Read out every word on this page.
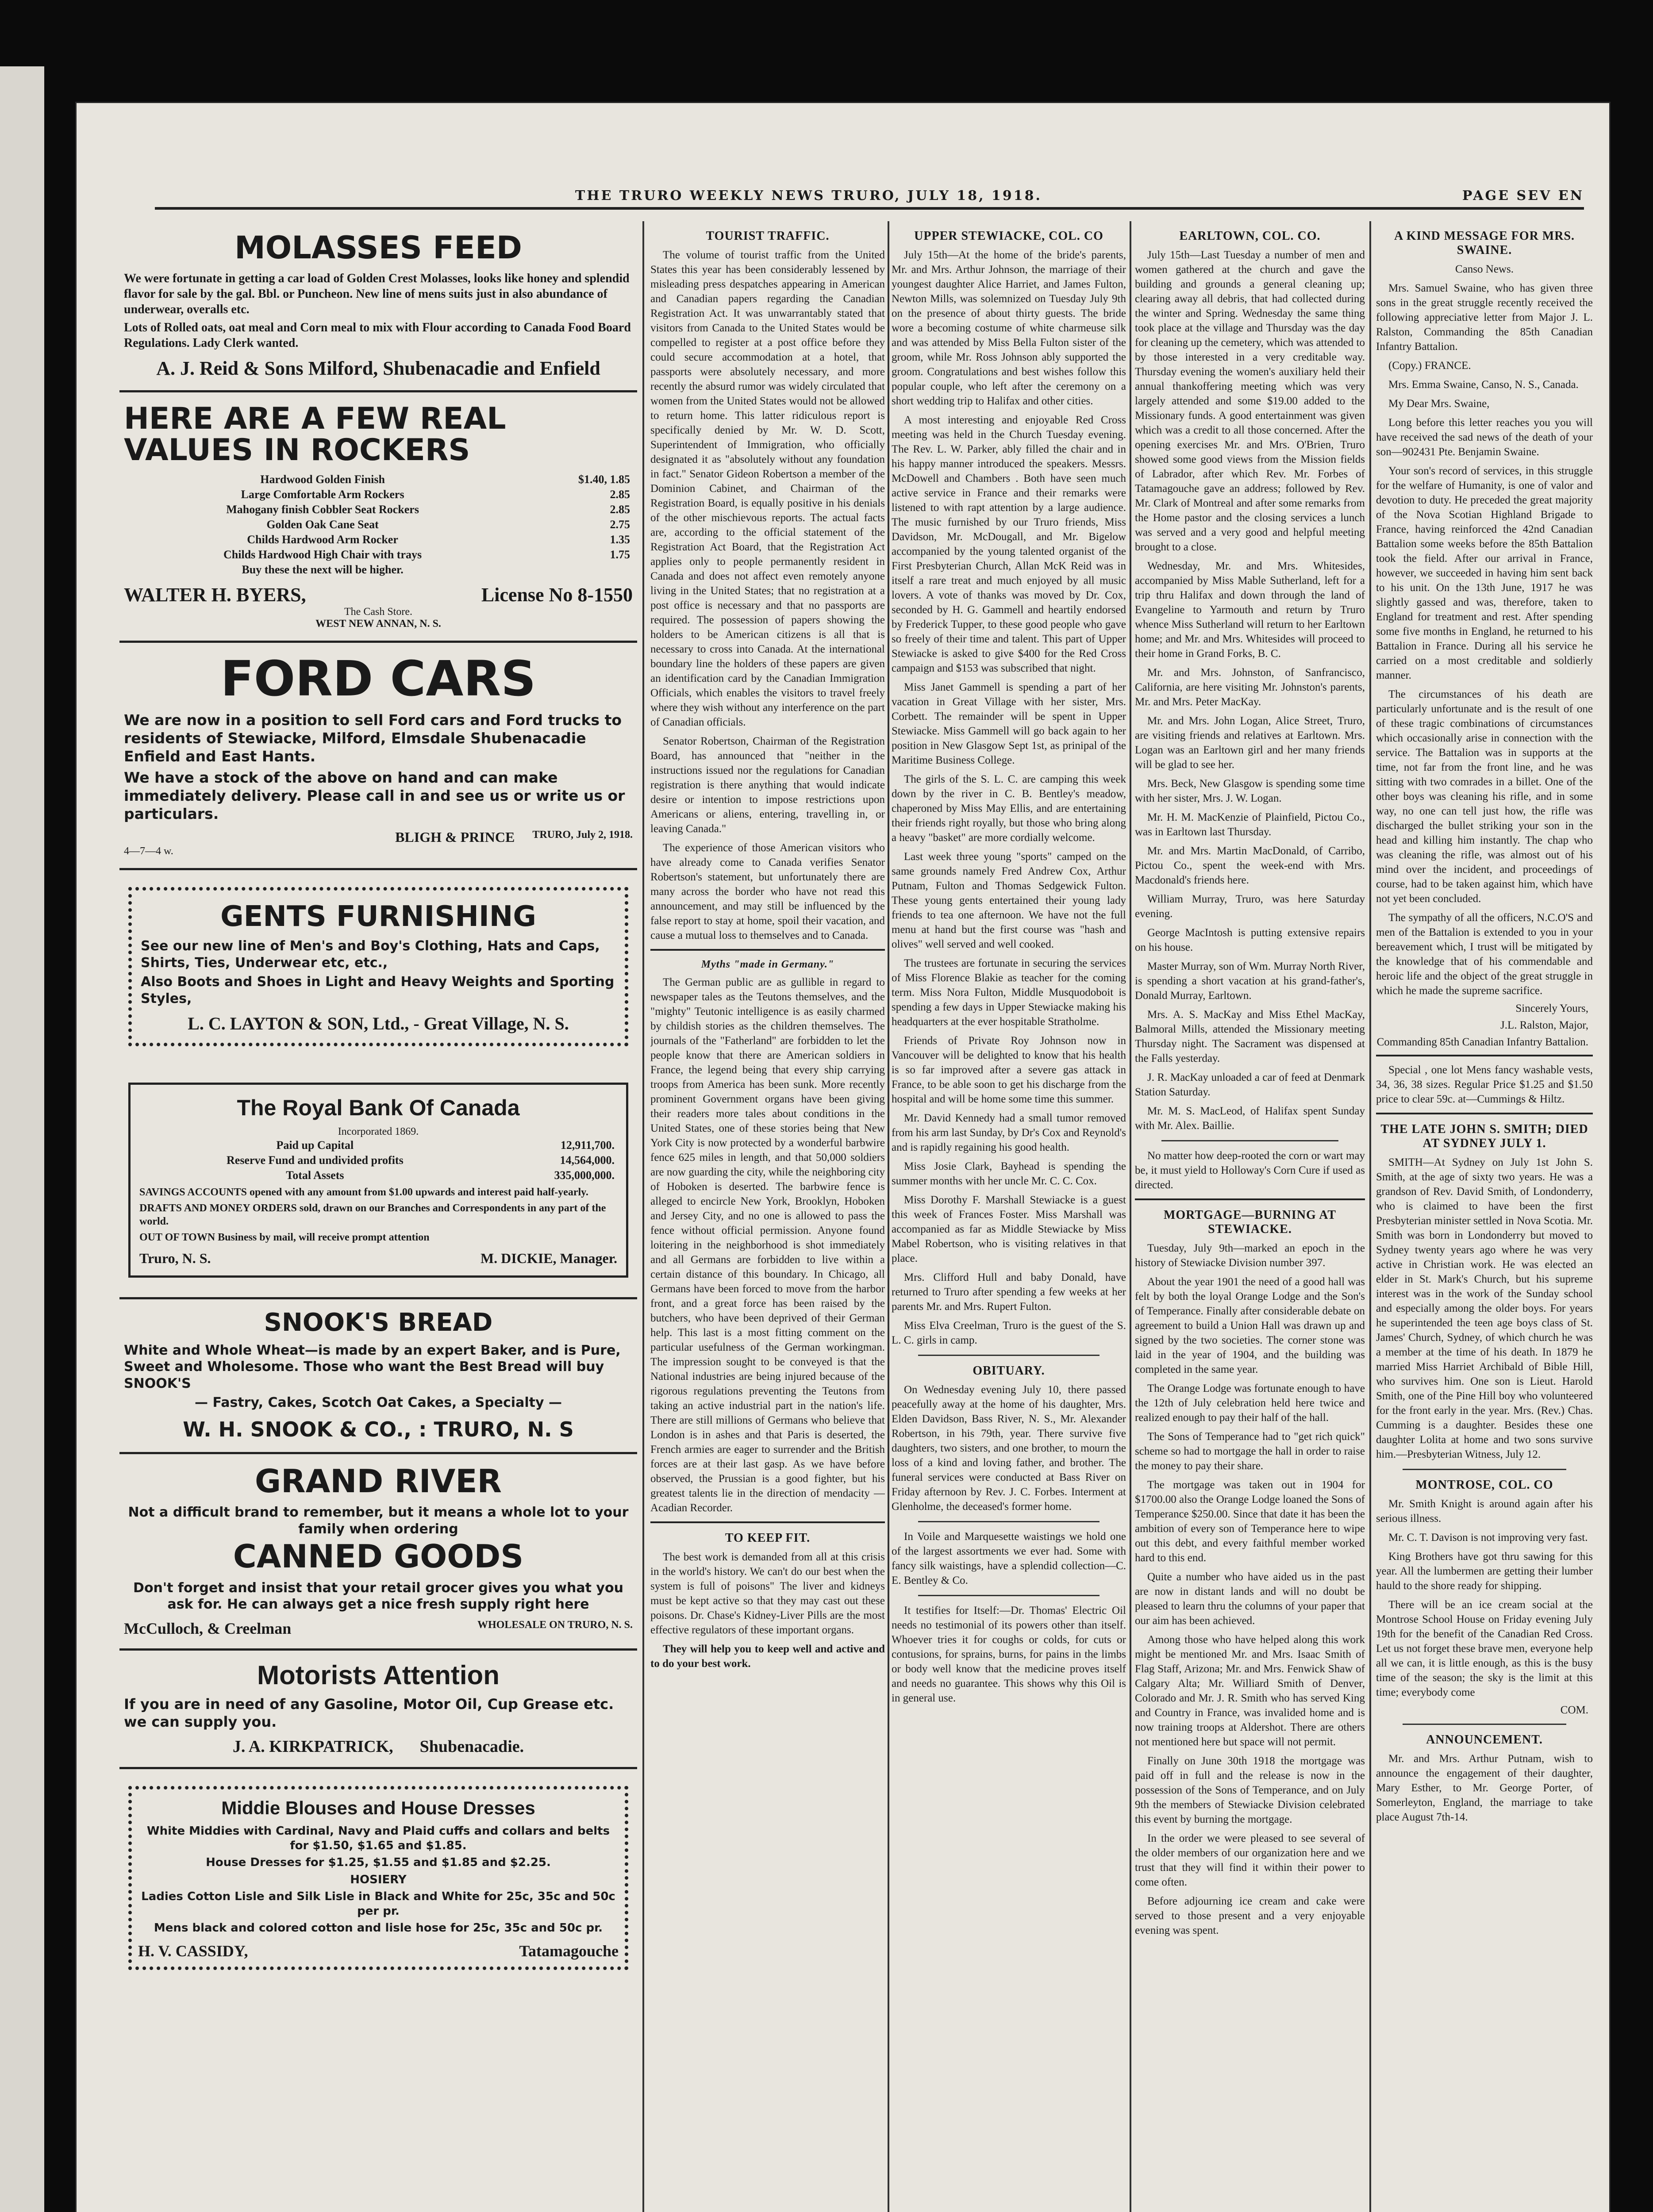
THE TRURO WEEKLY NEWS TRURO, JULY 18, 1918.	PAGE SEV EN
MOLASSES FEED

We were fortunate in getting a car load of Golden Crest Molasses, looks like honey and splendid flavor for sale by the gal. Bbl. or Puncheon. New line of mens suits just in also abundance of underwear, overalls etc.

Lots of Rolled oats, oat meal and Corn meal to mix with Flour according to Canada Food Board Regulations. Lady Clerk wanted.

A. J. Reid & Sons Milford, Shubenacadie and Enfield
HERE ARE A FEW REAL VALUES IN ROCKERS
Hardwood Golden Finish	$1.40, 1.85
Large Comfortable Arm Rockers	2.85
Mahogany finish Cobbler Seat Rockers	2.85
Golden Oak Cane Seat	2.75
Childs Hardwood Arm Rocker	1.35
Childs Hardwood High Chair with trays	1.75
Buy these the next will be higher.	
WALTER H. BYERS,	License No 8-1550
The Cash Store.
WEST NEW ANNAN, N. S.
FORD CARS

We are now in a position to sell Ford cars and Ford trucks to residents of Stewiacke, Milford, Elmsdale Shubenacadie Enfield and East Hants.

We have a stock of the above on hand and can make immediately delivery. Please call in and see us or write us or particulars.

BLIGH & PRINCE TRURO, July 2, 1918.
4—7—4 w.
GENTS FURNISHING

See our new line of Men's and Boy's Clothing, Hats and Caps, Shirts, Ties, Underwear etc, etc.,

Also Boots and Shoes in Light and Heavy Weights and Sporting Styles,

L. C. LAYTON & SON, Ltd., - Great Village, N. S.
The Royal Bank Of Canada
Incorporated 1869.
Paid up Capital	12,911,700.
Reserve Fund and undivided profits	14,564,000.
Total Assets	335,000,000.

SAVINGS ACCOUNTS opened with any amount from $1.00 upwards and interest paid half-yearly.

DRAFTS AND MONEY ORDERS sold, drawn on our Branches and Correspondents in any part of the world.

OUT OF TOWN Business by mail, will receive prompt attention

Truro, N. S.	M. DICKIE, Manager.
SNOOK'S BREAD

White and Whole Wheat—is made by an expert Baker, and is Pure, Sweet and Wholesome. Those who want the Best Bread will buy SNOOK'S

— Fastry, Cakes, Scotch Oat Cakes, a Specialty —

W. H. SNOOK & CO., : TRURO, N. S
GRAND RIVER

Not a difficult brand to remember, but it means a whole lot to your family when ordering

CANNED GOODS

Don't forget and insist that your retail grocer gives you what you ask for. He can always get a nice fresh supply right here

McCulloch, & Creelman	WHOLESALE ON TRURO, N. S.
Motorists Attention

If you are in need of any Gasoline, Motor Oil, Cup Grease etc. we can supply you.

J. A. KIRKPATRICK, Shubenacadie.
Middie Blouses and House Dresses

White Middies with Cardinal, Navy and Plaid cuffs and collars and belts for $1.50, $1.65 and $1.85.

House Dresses for $1.25, $1.55 and $1.85 and $2.25.

HOSIERY

Ladies Cotton Lisle and Silk Lisle in Black and White for 25c, 35c and 50c per pr.

Mens black and colored cotton and lisle hose for 25c, 35c and 50c pr.

H. V. CASSIDY,	Tatamagouche
TOURIST TRAFFIC.

The volume of tourist traffic from the United States this year has been considerably lessened by misleading press despatches appearing in American and Canadian papers regarding the Canadian Registration Act. It was unwarrantably stated that visitors from Canada to the United States would be compelled to register at a post office before they could secure accommodation at a hotel, that passports were absolutely necessary, and more recently the absurd rumor was widely circulated that women from the United States would not be allowed to return home. This latter ridiculous report is specifically denied by Mr. W. D. Scott, Superintendent of Immigration, who officially designated it as "absolutely without any foundation in fact." Senator Gideon Robertson a member of the Dominion Cabinet, and Chairman of the Registration Board, is equally positive in his denials of the other mischievous reports. The actual facts are, according to the official statement of the Registration Act Board, that the Registration Act applies only to people permanently resident in Canada and does not affect even remotely anyone living in the United States; that no registration at a post office is necessary and that no passports are required. The possession of papers showing the holders to be American citizens is all that is necessary to cross into Canada. At the international boundary line the holders of these papers are given an identification card by the Canadian Immigration Officials, which enables the visitors to travel freely where they wish without any interference on the part of Canadian officials.

Senator Robertson, Chairman of the Registration Board, has announced that "neither in the instructions issued nor the regulations for Canadian registration is there anything that would indicate desire or intention to impose restrictions upon Americans or aliens, entering, travelling in, or leaving Canada."

The experience of those American visitors who have already come to Canada verifies Senator Robertson's statement, but unfortunately there are many across the border who have not read this announcement, and may still be influenced by the false report to stay at home, spoil their vacation, and cause a mutual loss to themselves and to Canada.

Myths "made in Germany."

The German public are as gullible in regard to newspaper tales as the Teutons themselves, and the "mighty" Teutonic intelligence is as easily charmed by childish stories as the children themselves. The journals of the "Fatherland" are forbidden to let the people know that there are American soldiers in France, the legend being that every ship carrying troops from America has been sunk. More recently prominent Government organs have been giving their readers more tales about conditions in the United States, one of these stories being that New York City is now protected by a wonderful barbwire fence 625 miles in length, and that 50,000 soldiers are now guarding the city, while the neighboring city of Hoboken is deserted. The barbwire fence is alleged to encircle New York, Brooklyn, Hoboken and Jersey City, and no one is allowed to pass the fence without official permission. Anyone found loitering in the neighborhood is shot immediately and all Germans are forbidden to live within a certain distance of this boundary. In Chicago, all Germans have been forced to move from the harbor front, and a great force has been raised by the butchers, who have been deprived of their German help. This last is a most fitting comment on the particular usefulness of the German workingman. The impression sought to be conveyed is that the National industries are being injured because of the rigorous regulations preventing the Teutons from taking an active industrial part in the nation's life. There are still millions of Germans who believe that London is in ashes and that Paris is deserted, the French armies are eager to surrender and the British forces are at their last gasp. As we have before observed, the Prussian is a good fighter, but his greatest talents lie in the direction of mendacity —Acadian Recorder.

TO KEEP FIT.

The best work is demanded from all at this crisis in the world's history. We can't do our best when the system is full of poisons" The liver and kidneys must be kept active so that they may cast out these poisons. Dr. Chase's Kidney-Liver Pills are the most effective regulators of these important organs.

They will help you to keep well and active and to do your best work.

UPPER STEWIACKE, COL. CO

July 15th—At the home of the bride's parents, Mr. and Mrs. Arthur Johnson, the marriage of their youngest daughter Alice Harriet, and James Fulton, Newton Mills, was solemnized on Tuesday July 9th on the presence of about thirty guests. The bride wore a becoming costume of white charmeuse silk and was attended by Miss Bella Fulton sister of the groom, while Mr. Ross Johnson ably supported the groom. Congratulations and best wishes follow this popular couple, who left after the ceremony on a short wedding trip to Halifax and other cities.

A most interesting and enjoyable Red Cross meeting was held in the Church Tuesday evening. The Rev. L. W. Parker, ably filled the chair and in his happy manner introduced the speakers. Messrs. McDowell and Chambers . Both have seen much active service in France and their remarks were listened to with rapt attention by a large audience. The music furnished by our Truro friends, Miss Davidson, Mr. McDougall, and Mr. Bigelow accompanied by the young talented organist of the First Presbyterian Church, Allan McK Reid was in itself a rare treat and much enjoyed by all music lovers. A vote of thanks was moved by Dr. Cox, seconded by H. G. Gammell and heartily endorsed by Frederick Tupper, to these good people who gave so freely of their time and talent. This part of Upper Stewiacke is asked to give $400 for the Red Cross campaign and $153 was subscribed that night.

Miss Janet Gammell is spending a part of her vacation in Great Village with her sister, Mrs. Corbett. The remainder will be spent in Upper Stewiacke. Miss Gammell will go back again to her position in New Glasgow Sept 1st, as prinipal of the Maritime Business College.

The girls of the S. L. C. are camping this week down by the river in C. B. Bentley's meadow, chaperoned by Miss May Ellis, and are entertaining their friends right royally, but those who bring along a heavy "basket" are more cordially welcome.

Last week three young "sports" camped on the same grounds namely Fred Andrew Cox, Arthur Putnam, Fulton and Thomas Sedgewick Fulton. These young gents entertained their young lady friends to tea one afternoon. We have not the full menu at hand but the first course was "hash and olives" well served and well cooked.

The trustees are fortunate in securing the services of Miss Florence Blakie as teacher for the coming term. Miss Nora Fulton, Middle Musquodoboit is spending a few days in Upper Stewiacke making his headquarters at the ever hospitable Stratholme.

Friends of Private Roy Johnson now in Vancouver will be delighted to know that his health is so far improved after a severe gas attack in France, to be able soon to get his discharge from the hospital and will be home some time this summer.

Mr. David Kennedy had a small tumor removed from his arm last Sunday, by Dr's Cox and Reynold's and is rapidly regaining his good health.

Miss Josie Clark, Bayhead is spending the summer months with her uncle Mr. C. C. Cox.

Miss Dorothy F. Marshall Stewiacke is a guest this week of Frances Foster. Miss Marshall was accompanied as far as Middle Stewiacke by Miss Mabel Robertson, who is visiting relatives in that place.

Mrs. Clifford Hull and baby Donald, have returned to Truro after spending a few weeks at her parents Mr. and Mrs. Rupert Fulton.

Miss Elva Creelman, Truro is the guest of the S. L. C. girls in camp.

OBITUARY.

On Wednesday evening July 10, there passed peacefully away at the home of his daughter, Mrs. Elden Davidson, Bass River, N. S., Mr. Alexander Robertson, in his 79th, year. There survive five daughters, two sisters, and one brother, to mourn the loss of a kind and loving father, and brother. The funeral services were conducted at Bass River on Friday afternoon by Rev. J. C. Forbes. Interment at Glenholme, the deceased's former home.

In Voile and Marquesette waistings we hold one of the largest assortments we ever had. Some with fancy silk waistings, have a splendid collection—C. E. Bentley & Co.

It testifies for Itself:—Dr. Thomas' Electric Oil needs no testimonial of its powers other than itself. Whoever tries it for coughs or colds, for cuts or contusions, for sprains, burns, for pains in the limbs or body well know that the medicine proves itself and needs no guarantee. This shows why this Oil is in general use.

EARLTOWN, COL. CO.

July 15th—Last Tuesday a number of men and women gathered at the church and gave the building and grounds a general cleaning up; clearing away all debris, that had collected during the winter and Spring. Wednesday the same thing took place at the village and Thursday was the day for cleaning up the cemetery, which was attended to by those interested in a very creditable way. Thursday evening the women's auxiliary held their annual thankoffering meeting which was very largely attended and some $19.00 added to the Missionary funds. A good entertainment was given which was a credit to all those concerned. After the opening exercises Mr. and Mrs. O'Brien, Truro showed some good views from the Mission fields of Labrador, after which Rev. Mr. Forbes of Tatamagouche gave an address; followed by Rev. Mr. Clark of Montreal and after some remarks from the Home pastor and the closing services a lunch was served and a very good and helpful meeting brought to a close.

Wednesday, Mr. and Mrs. Whitesides, accompanied by Miss Mable Sutherland, left for a trip thru Halifax and down through the land of Evangeline to Yarmouth and return by Truro whence Miss Sutherland will return to her Earltown home; and Mr. and Mrs. Whitesides will proceed to their home in Grand Forks, B. C.

Mr. and Mrs. Johnston, of Sanfrancisco, California, are here visiting Mr. Johnston's parents, Mr. and Mrs. Peter MacKay.

Mr. and Mrs. John Logan, Alice Street, Truro, are visiting friends and relatives at Earltown. Mrs. Logan was an Earltown girl and her many friends will be glad to see her.

Mrs. Beck, New Glasgow is spending some time with her sister, Mrs. J. W. Logan.

Mr. H. M. MacKenzie of Plainfield, Pictou Co., was in Earltown last Thursday.

Mr. and Mrs. Martin MacDonald, of Carribo, Pictou Co., spent the week-end with Mrs. Macdonald's friends here.

William Murray, Truro, was here Saturday evening.

George MacIntosh is putting extensive repairs on his house.

Master Murray, son of Wm. Murray North River, is spending a short vacation at his grand-father's, Donald Murray, Earltown.

Mrs. A. S. MacKay and Miss Ethel MacKay, Balmoral Mills, attended the Missionary meeting Thursday night. The Sacrament was dispensed at the Falls yesterday.

J. R. MacKay unloaded a car of feed at Denmark Station Saturday.

Mr. M. S. MacLeod, of Halifax spent Sunday with Mr. Alex. Baillie.

No matter how deep-rooted the corn or wart may be, it must yield to Holloway's Corn Cure if used as directed.

MORTGAGE—BURNING AT STEWIACKE.

Tuesday, July 9th—marked an epoch in the history of Stewiacke Division number 397.

About the year 1901 the need of a good hall was felt by both the loyal Orange Lodge and the Son's of Temperance. Finally after considerable debate on agreement to build a Union Hall was drawn up and signed by the two societies. The corner stone was laid in the year of 1904, and the building was completed in the same year.

The Orange Lodge was fortunate enough to have the 12th of July celebration held here twice and realized enough to pay their half of the hall.

The Sons of Temperance had to "get rich quick" scheme so had to mortgage the hall in order to raise the money to pay their share.

The mortgage was taken out in 1904 for $1700.00 also the Orange Lodge loaned the Sons of Temperance $250.00. Since that date it has been the ambition of every son of Temperance here to wipe out this debt, and every faithful member worked hard to this end.

Quite a number who have aided us in the past are now in distant lands and will no doubt be pleased to learn thru the columns of your paper that our aim has been achieved.

Among those who have helped along this work might be mentioned Mr. and Mrs. Isaac Smith of Flag Staff, Arizona; Mr. and Mrs. Fenwick Shaw of Calgary Alta; Mr. Williard Smith of Denver, Colorado and Mr. J. R. Smith who has served King and Country in France, was invalided home and is now training troops at Aldershot. There are others not mentioned here but space will not permit.

Finally on June 30th 1918 the mortgage was paid off in full and the release is now in the possession of the Sons of Temperance, and on July 9th the members of Stewiacke Division celebrated this event by burning the mortgage.

In the order we were pleased to see several of the older members of our organization here and we trust that they will find it within their power to come often.

Before adjourning ice cream and cake were served to those present and a very enjoyable evening was spent.

A KIND MESSAGE FOR MRS. SWAINE.

Canso News.

Mrs. Samuel Swaine, who has given three sons in the great struggle recently received the following appreciative letter from Major J. L. Ralston, Commanding the 85th Canadian Infantry Battalion.

(Copy.) FRANCE.

Mrs. Emma Swaine, Canso, N. S., Canada.

My Dear Mrs. Swaine,

Long before this letter reaches you you will have received the sad news of the death of your son—902431 Pte. Benjamin Swaine.

Your son's record of services, in this struggle for the welfare of Humanity, is one of valor and devotion to duty. He preceded the great majority of the Nova Scotian Highland Brigade to France, having reinforced the 42nd Canadian Battalion some weeks before the 85th Battalion took the field. After our arrival in France, however, we succeeded in having him sent back to his unit. On the 13th June, 1917 he was slightly gassed and was, therefore, taken to England for treatment and rest. After spending some five months in England, he returned to his Battalion in France. During all his service he carried on a most creditable and soldierly manner.

The circumstances of his death are particularly unfortunate and is the result of one of these tragic combinations of circumstances which occasionally arise in connection with the service. The Battalion was in supports at the time, not far from the front line, and he was sitting with two comrades in a billet. One of the other boys was cleaning his rifle, and in some way, no one can tell just how, the rifle was discharged the bullet striking your son in the head and killing him instantly. The chap who was cleaning the rifle, was almost out of his mind over the incident, and proceedings of course, had to be taken against him, which have not yet been concluded.

The sympathy of all the officers, N.C.O'S and men of the Battalion is extended to you in your bereavement which, I trust will be mitigated by the knowledge that of his commendable and heroic life and the object of the great struggle in which he made the supreme sacrifice.

Sincerely Yours,
J.L. Ralston, Major,
Commanding 85th Canadian Infantry Battalion.

Special , one lot Mens fancy washable vests, 34, 36, 38 sizes. Regular Price $1.25 and $1.50 price to clear 59c. at—Cummings & Hiltz.

THE LATE JOHN S. SMITH; DIED AT SYDNEY JULY 1.

SMITH—At Sydney on July 1st John S. Smith, at the age of sixty two years. He was a grandson of Rev. David Smith, of Londonderry, who is claimed to have been the first Presbyterian minister settled in Nova Scotia. Mr. Smith was born in Londonderry but moved to Sydney twenty years ago where he was very active in Christian work. He was elected an elder in St. Mark's Church, but his supreme interest was in the work of the Sunday school and especially among the older boys. For years he superintended the teen age boys class of St. James' Church, Sydney, of which church he was a member at the time of his death. In 1879 he married Miss Harriet Archibald of Bible Hill, who survives him. One son is Lieut. Harold Smith, one of the Pine Hill boy who volunteered for the front early in the year. Mrs. (Rev.) Chas. Cumming is a daughter. Besides these one daughter Lolita at home and two sons survive him.—Presbyterian Witness, July 12.

MONTROSE, COL. CO

Mr. Smith Knight is around again after his serious illness.

Mr. C. T. Davison is not improving very fast.

King Brothers have got thru sawing for this year. All the lumbermen are getting their lumber hauld to the shore ready for shipping.

There will be an ice cream social at the Montrose School House on Friday evening July 19th for the benefit of the Canadian Red Cross. Let us not forget these brave men, everyone help all we can, it is little enough, as this is the busy time of the season; the sky is the limit at this time; everybody come

COM.
ANNOUNCEMENT.

Mr. and Mrs. Arthur Putnam, wish to announce the engagement of their daughter, Mary Esther, to Mr. George Porter, of Somerleyton, England, the marriage to take place August 7th-14.
